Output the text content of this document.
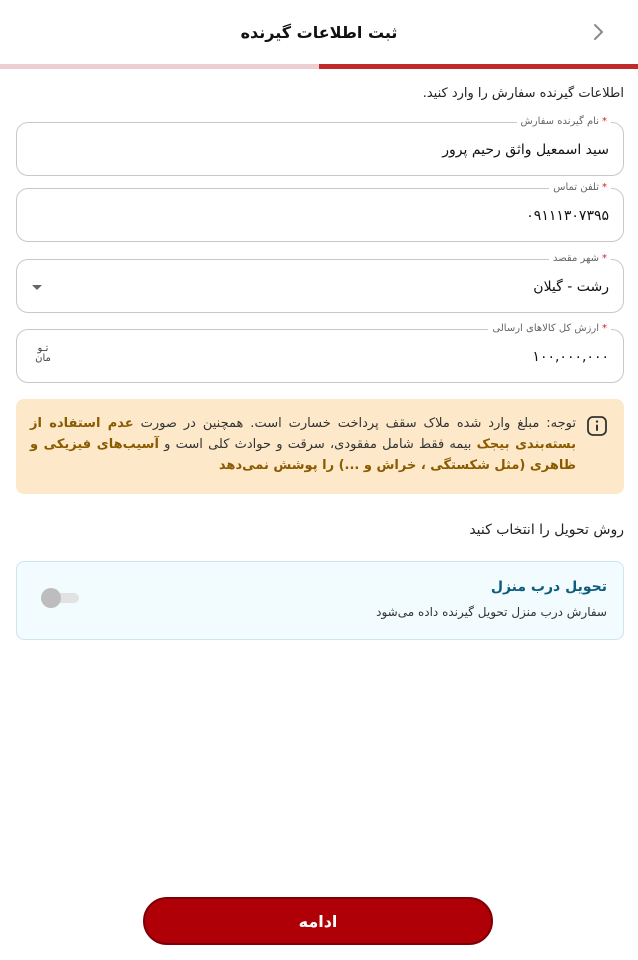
ثبت اطلاعات گیرنده
اطلاعات گیرنده سفارش را وارد کنید.
*نام گیرنده سفارش
سید اسمعیل واثق رحیم پرور
*تلفن تماس
۰۹۱۱۱۳۰۷۳۹۵
*شهر مقصد
رشت - گیلان
*ارزش کل کالاهای ارسالی
۱۰۰,۰۰۰,۰۰۰
تـو
مان
توجه: مبلغ وارد شده ملاک سقف پرداخت خسارت است. همچنین در صورت عدم استفاده از بسته‌بندی بیجک بیمه فقط شامل مفقودی، سرقت و حوادث کلی است و آسیب‌های فیزیکی و ظاهری (مثل شکستگی ، خراش و ...) را پوشش نمی‌دهد
روش تحویل را انتخاب کنید
تحویل درب منزل
سفارش درب منزل تحویل گیرنده داده می‌شود
ادامه
